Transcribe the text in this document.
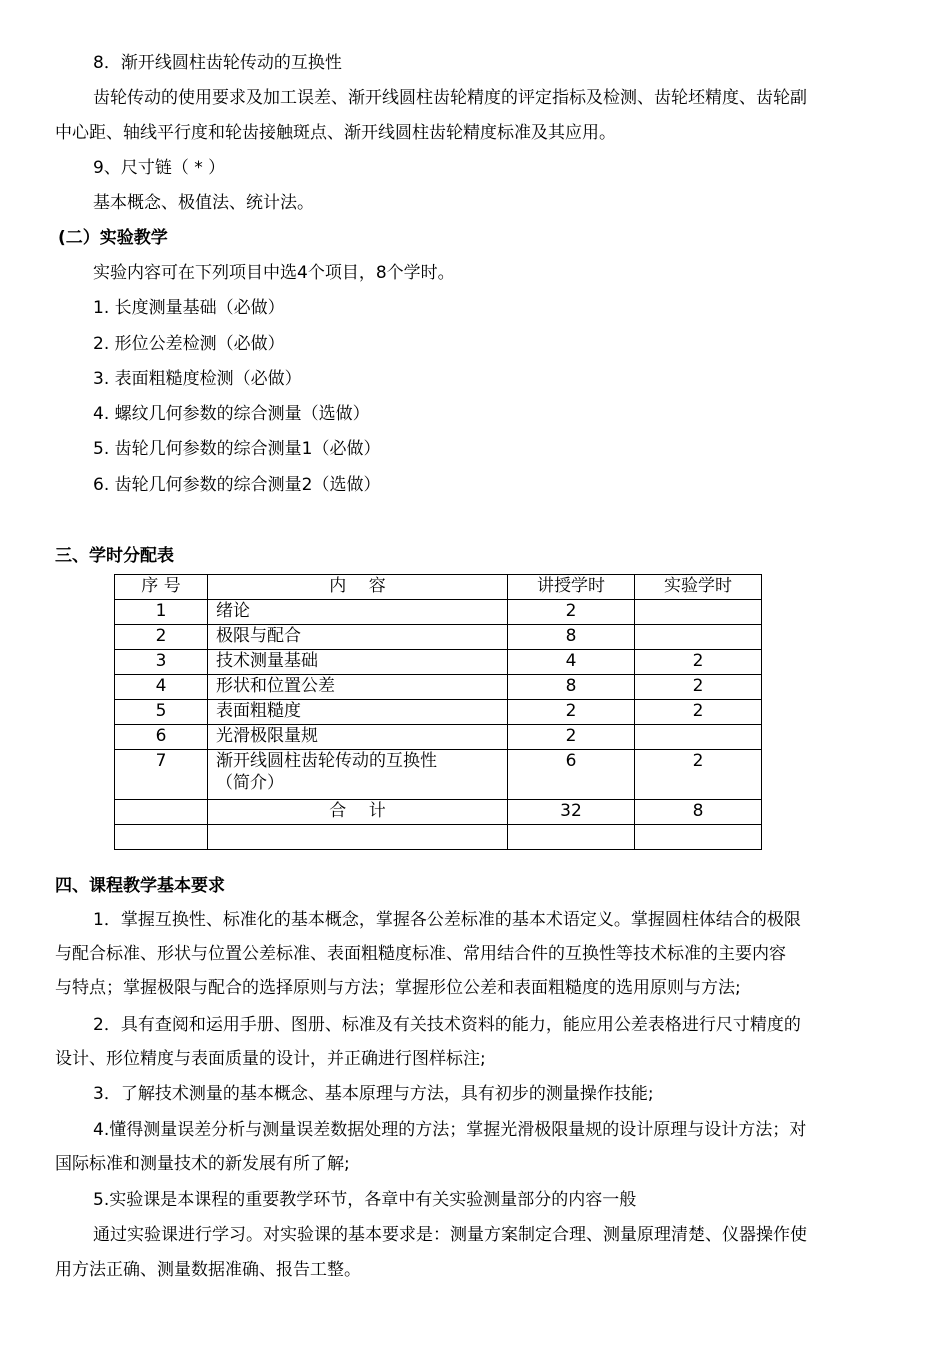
8．渐开线圆柱齿轮传动的互换性
齿轮传动的使用要求及加工误差、渐开线圆柱齿轮精度的评定指标及检测、齿轮坯精度、齿轮副
中心距、轴线平行度和轮齿接触斑点、渐开线圆柱齿轮精度标准及其应用。
9、尺寸链（ * ）
基本概念、极值法、统计法。
(二）实验教学
实验内容可在下列项目中选4个项目，8个学时。
1. 长度测量基础（必做）
2. 形位公差检测（必做）
3. 表面粗糙度检测（必做）
4. 螺纹几何参数的综合测量（选做）
5. 齿轮几何参数的综合测量1（必做）
6. 齿轮几何参数的综合测量2（选做）
三、学时分配表
序 号	内　 容	讲授学时	实验学时
1	绪论	2	
2	极限与配合	8	
3	技术测量基础	4	2
4	形状和位置公差	8	2
5	表面粗糙度	2	2
6	光滑极限量规	2	
7	渐开线圆柱齿轮传动的互换性
（简介）	6	2
	合　 计	32	8

四、课程教学基本要求
1．掌握互换性、标准化的基本概念，掌握各公差标准的基本术语定义。掌握圆柱体结合的极限
与配合标准、形状与位置公差标准、表面粗糙度标准、常用结合件的互换性等技术标准的主要内容
与特点；掌握极限与配合的选择原则与方法；掌握形位公差和表面粗糙度的选用原则与方法;
2．具有查阅和运用手册、图册、标准及有关技术资料的能力，能应用公差表格进行尺寸精度的
设计、形位精度与表面质量的设计，并正确进行图样标注;
3．了解技术测量的基本概念、基本原理与方法，具有初步的测量操作技能;
4.懂得测量误差分析与测量误差数据处理的方法；掌握光滑极限量规的设计原理与设计方法；对
国际标准和测量技术的新发展有所了解;
5.实验课是本课程的重要教学环节，各章中有关实验测量部分的内容一般
通过实验课进行学习。对实验课的基本要求是：测量方案制定合理、测量原理清楚、仪器操作使
用方法正确、测量数据准确、报告工整。
